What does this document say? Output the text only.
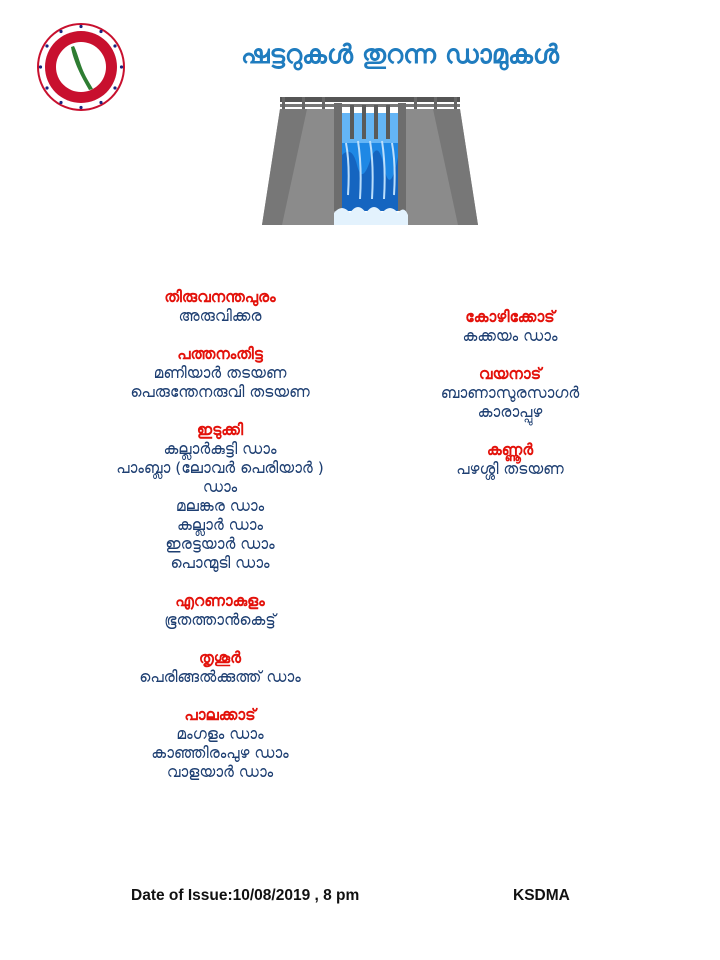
ഷട്ടറുകൾ തുറന്ന ഡാമുകൾ
തിരുവനന്തപുരം
അരുവിക്കര
പത്തനംതിട്ട
മണിയാർ തടയണ
പെരുന്തേനരുവി തടയണ
ഇടുക്കി
കല്ലാർകുട്ടി ഡാം
പാംബ്ലാ (ലോവർ പെരിയാർ )
ഡാം
മലങ്കര ഡാം
കല്ലാർ ഡാം
ഇരട്ടയാർ ഡാം
പൊന്മുടി ഡാം
എറണാകുളം
ഭൂതത്താൻകെട്ട്
തൃശൂർ
പെരിങ്ങൽക്കുത്ത് ഡാം
പാലക്കാട്
മംഗളം ഡാം
കാഞ്ഞിരംപുഴ ഡാം
വാളയാർ ഡാം
കോഴിക്കോട്
കക്കയം ഡാം
വയനാട്
ബാണാസുരസാഗർ
കാരാപ്പുഴ
കണ്ണൂർ
പഴശ്ശി തടയണ
Date of Issue:10/08/2019 , 8 pm	KSDMA
